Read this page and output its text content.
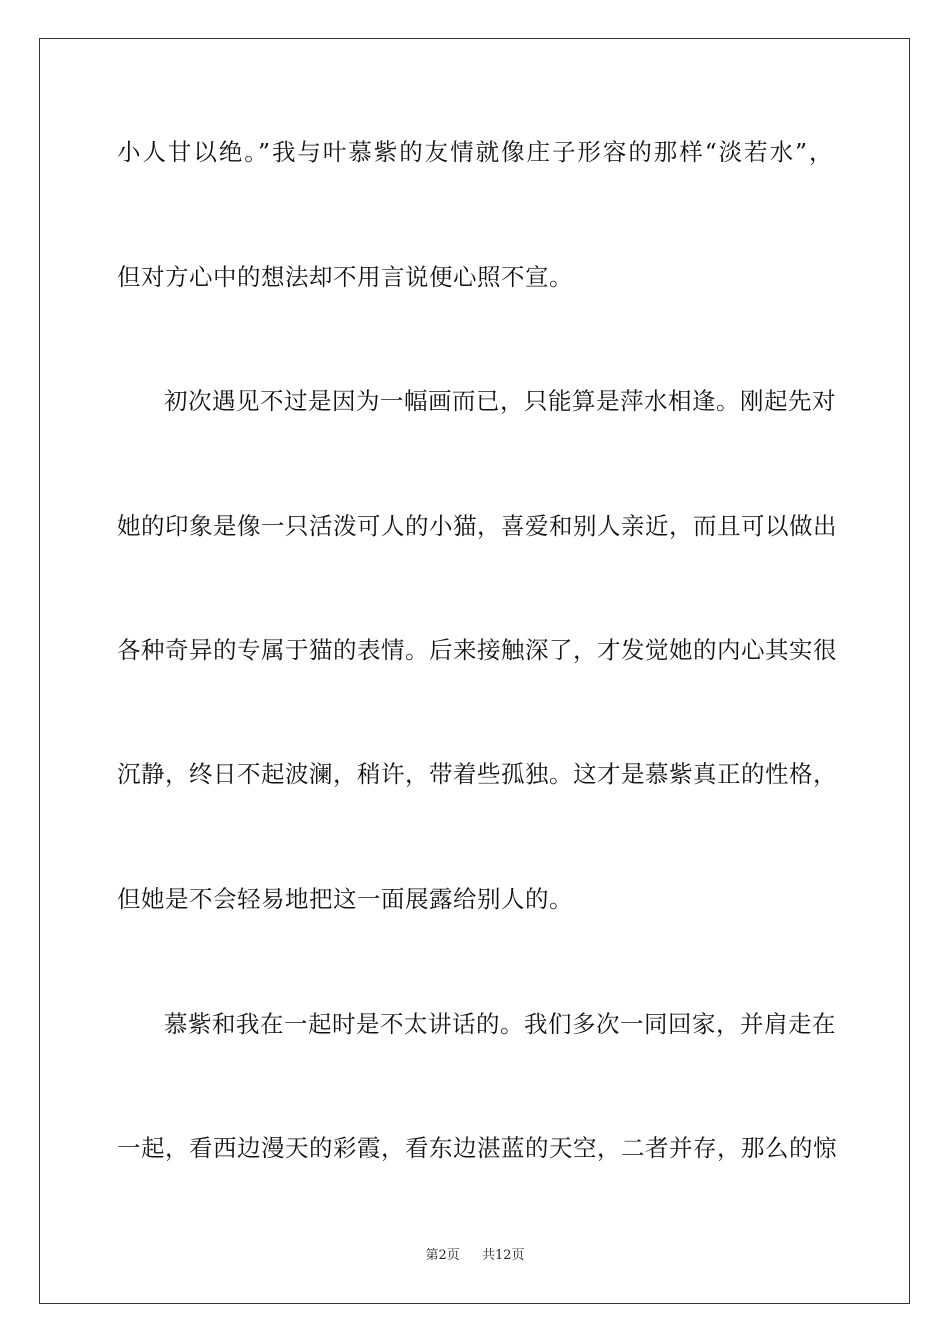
小人甘以绝。”我与叶慕紫的友情就像庄子形容的那样“淡若水”，
但对方心中的想法却不用言说便心照不宣。
初次遇见不过是因为一幅画而已，只能算是萍水相逢。刚起先对
她的印象是像一只活泼可人的小猫，喜爱和别人亲近，而且可以做出
各种奇异的专属于猫的表情。后来接触深了，才发觉她的内心其实很
沉静，终日不起波澜，稍许，带着些孤独。这才是慕紫真正的性格，
但她是不会轻易地把这一面展露给别人的。
慕紫和我在一起时是不太讲话的。我们多次一同回家，并肩走在
一起，看西边漫天的彩霞，看东边湛蓝的天空，二者并存，那么的惊
第2页 共12页
